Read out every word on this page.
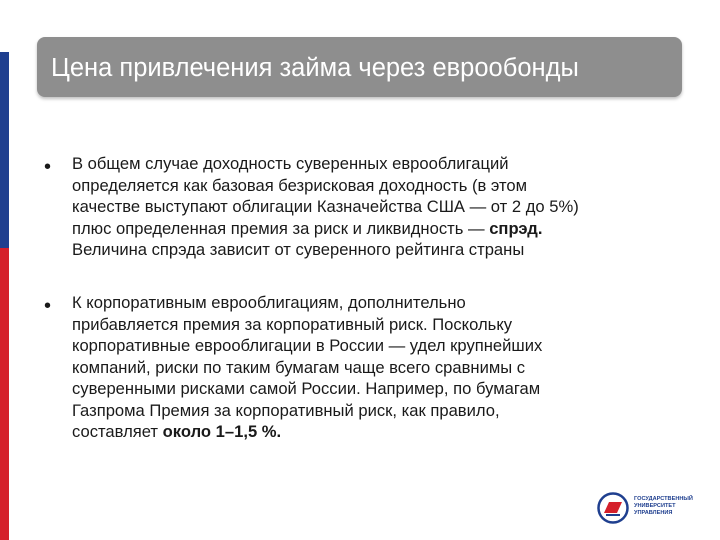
Цена привлечения займа через еврообонды
• В общем случае доходность суверенных еврооблигаций
определяется как базовая безрисковая доходность (в этом
качестве выступают облигации Казначейства США — от 2 до 5%)
плюс определенная премия за риск и ликвидность — спрэд.
Величина спрэда зависит от суверенного рейтинга страны
• К корпоративным еврооблигациям, дополнительно
прибавляется премия за корпоративный риск. Поскольку
корпоративные еврооблигации в России — удел крупнейших
компаний, риски по таким бумагам чаще всего сравнимы с
суверенными рисками самой России. Например, по бумагам
Газпрома Премия за корпоративный риск, как правило,
составляет около 1–1,5 %.
ГОСУДАРСТВЕННЫЙ
УНИВЕРСИТЕТ
УПРАВЛЕНИЯ
